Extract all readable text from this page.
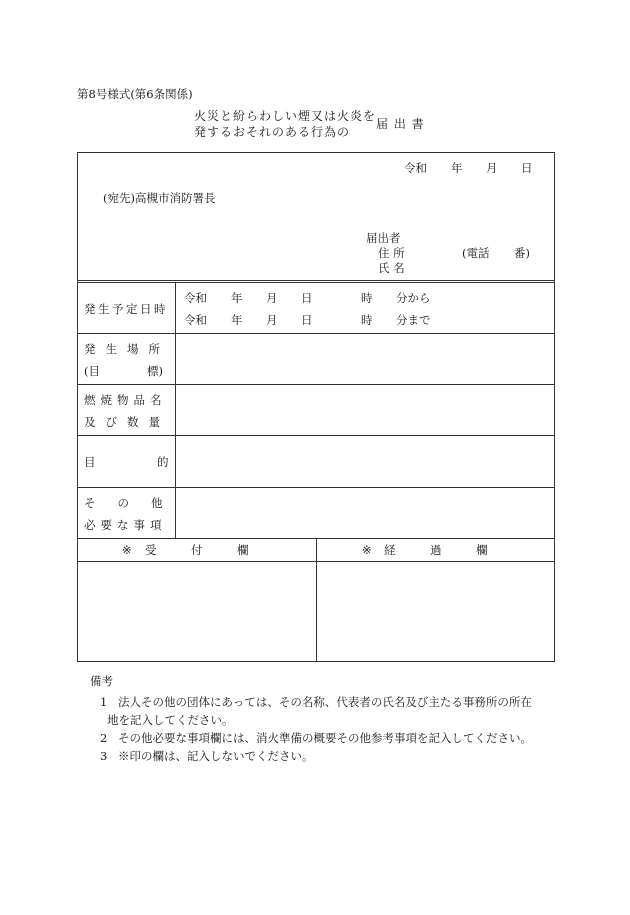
第8号様式(第6条関係)
火災と紛らわしい煙又は火炎を
発するおそれのある行為の
届 出 書
令和 年 月 日
(宛先)高槻市消防署長
届出者
住 所	(電話 番)
氏 名
発生予定日時
令和 年 月 日	時 分から
令和 年 月 日	時 分まで
発生場所
(目	標)
燃焼物品名
及び数量
目	的
その他
必要な事項
※ 受　　　付　　　欄	※ 経　　　過　　　欄
備考
1 法人その他の団体にあっては、その名称、代表者の氏名及び主たる事務所の所在
地を記入してください。
2 その他必要な事項欄には、消火準備の概要その他参考事項を記入してください。
3 ※印の欄は、記入しないでください。
